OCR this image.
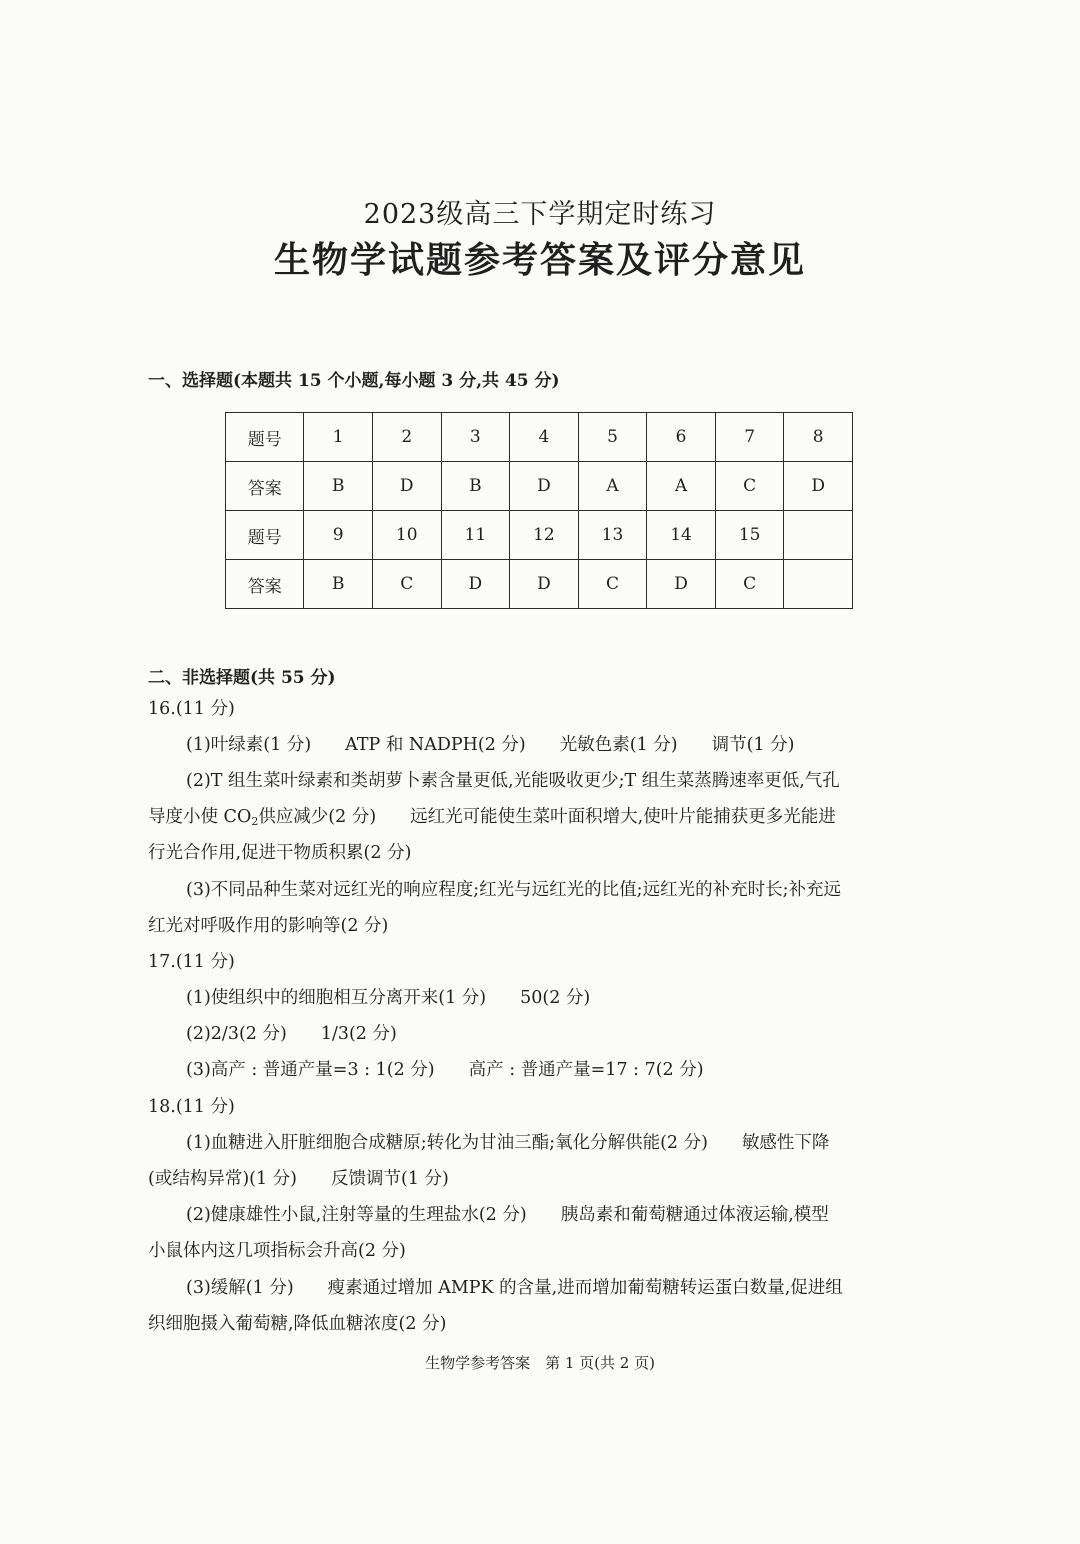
2023级高三下学期定时练习
生物学试题参考答案及评分意见
一、选择题(本题共 15 个小题,每小题 3 分,共 45 分)
题号	1	2	3	4	5	6	7	8
答案	B	D	B	D	A	A	C	D
题号	9	10	11	12	13	14	15	
答案	B	C	D	D	C	D	C	
二、非选择题(共 55 分)
16.(11 分)
(1)叶绿素(1 分) ATP 和 NADPH(2 分) 光敏色素(1 分) 调节(1 分)
(2)T 组生菜叶绿素和类胡萝卜素含量更低,光能吸收更少;T 组生菜蒸腾速率更低,气孔
导度小使 $CO_2$供应减少(2 分) 远红光可能使生菜叶面积增大,使叶片能捕获更多光能进
行光合作用,促进干物质积累(2 分)
(3)不同品种生菜对远红光的响应程度;红光与远红光的比值;远红光的补充时长;补充远
红光对呼吸作用的影响等(2 分)
17.(11 分)
(1)使组织中的细胞相互分离开来(1 分) 50(2 分)
(2)2/3(2 分) 1/3(2 分)
(3)高产 : 普通产量=3 : 1(2 分) 高产 : 普通产量=17 : 7(2 分)
18.(11 分)
(1)血糖进入肝脏细胞合成糖原;转化为甘油三酯;氧化分解供能(2 分) 敏感性下降
(或结构异常)(1 分) 反馈调节(1 分)
(2)健康雄性小鼠,注射等量的生理盐水(2 分) 胰岛素和葡萄糖通过体液运输,模型
小鼠体内这几项指标会升高(2 分)
(3)缓解(1 分) 瘦素通过增加 AMPK 的含量,进而增加葡萄糖转运蛋白数量,促进组
织细胞摄入葡萄糖,降低血糖浓度(2 分)
生物学参考答案　第 1 页(共 2 页)
